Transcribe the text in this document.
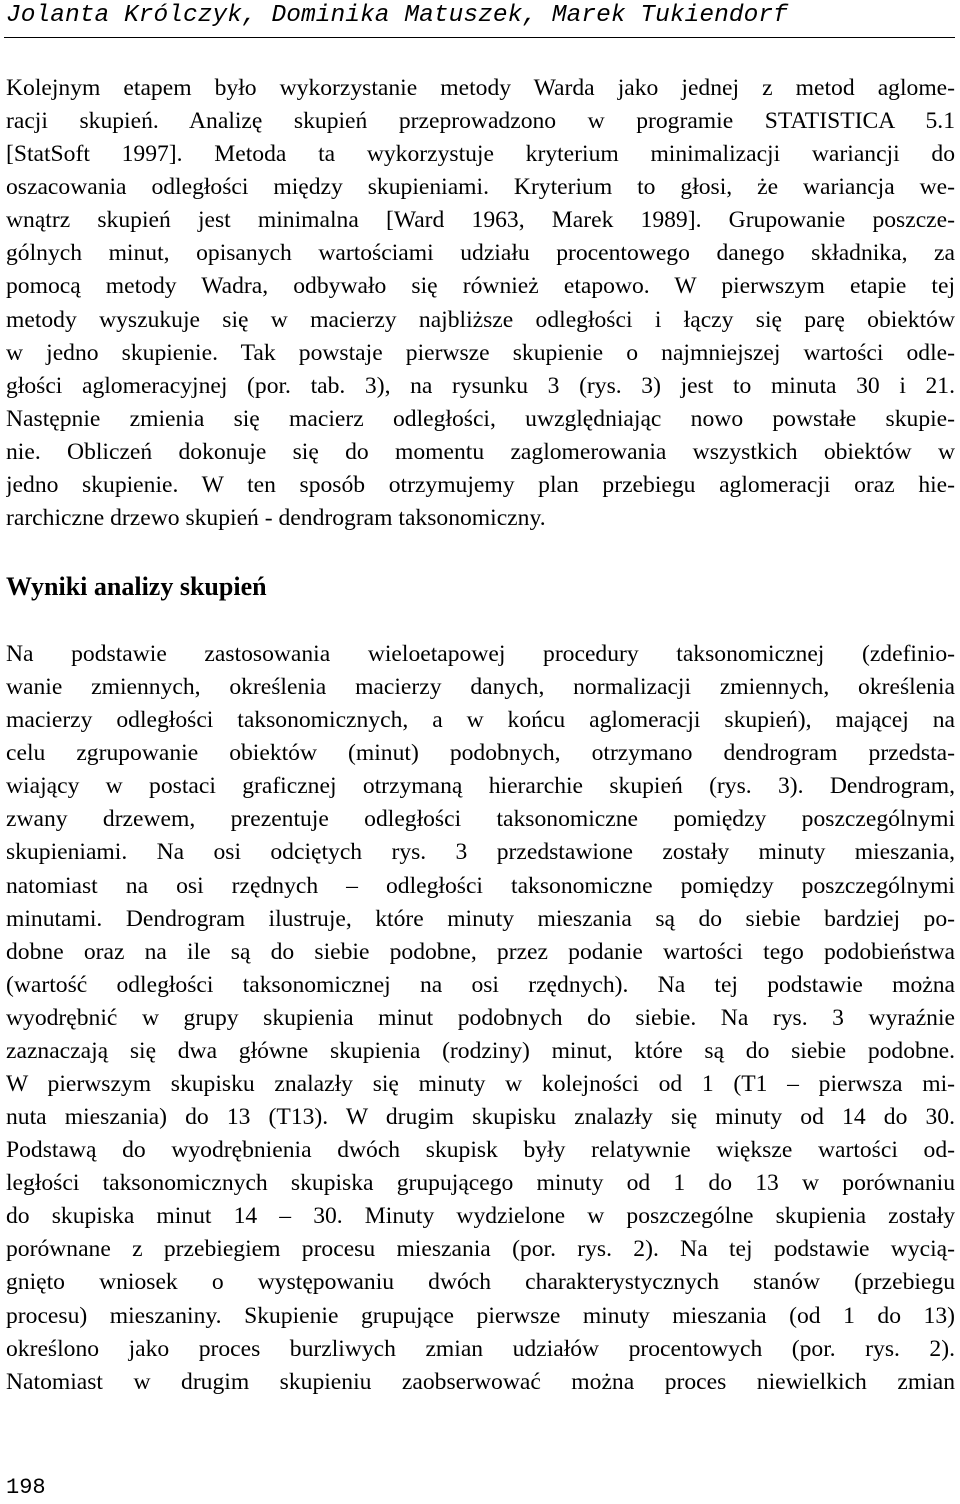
Jolanta Królczyk, Dominika Matuszek, Marek Tukiendorf
Kolejnym etapem było wykorzystanie metody Warda jako jednej z metod aglome-
racji skupień. Analizę skupień przeprowadzono w programie STATISTICA 5.1
[StatSoft 1997]. Metoda ta wykorzystuje kryterium minimalizacji wariancji do
oszacowania odległości między skupieniami. Kryterium to głosi, że wariancja we-
wnątrz skupień jest minimalna [Ward 1963, Marek 1989]. Grupowanie poszcze-
gólnych minut, opisanych wartościami udziału procentowego danego składnika, za
pomocą metody Wadra, odbywało się również etapowo. W pierwszym etapie tej
metody wyszukuje się w macierzy najbliższe odległości i łączy się parę obiektów
w jedno skupienie. Tak powstaje pierwsze skupienie o najmniejszej wartości odle-
głości aglomeracyjnej (por. tab. 3), na rysunku 3 (rys. 3) jest to minuta 30 i 21.
Następnie zmienia się macierz odległości, uwzględniając nowo powstałe skupie-
nie. Obliczeń dokonuje się do momentu zaglomerowania wszystkich obiektów w
jedno skupienie. W ten sposób otrzymujemy plan przebiegu aglomeracji oraz hie-
rarchiczne drzewo skupień - dendrogram taksonomiczny.
Wyniki analizy skupień
Na podstawie zastosowania wieloetapowej procedury taksonomicznej (zdefinio-
wanie zmiennych, określenia macierzy danych, normalizacji zmiennych, określenia
macierzy odległości taksonomicznych, a w końcu aglomeracji skupień), mającej na
celu zgrupowanie obiektów (minut) podobnych, otrzymano dendrogram przedsta-
wiający w postaci graficznej otrzymaną hierarchie skupień (rys. 3). Dendrogram,
zwany drzewem, prezentuje odległości taksonomiczne pomiędzy poszczególnymi
skupieniami. Na osi odciętych rys. 3 przedstawione zostały minuty mieszania,
natomiast na osi rzędnych – odległości taksonomiczne pomiędzy poszczególnymi
minutami. Dendrogram ilustruje, które minuty mieszania są do siebie bardziej po-
dobne oraz na ile są do siebie podobne, przez podanie wartości tego podobieństwa
(wartość odległości taksonomicznej na osi rzędnych). Na tej podstawie można
wyodrębnić w grupy skupienia minut podobnych do siebie. Na rys. 3 wyraźnie
zaznaczają się dwa główne skupienia (rodziny) minut, które są do siebie podobne.
W pierwszym skupisku znalazły się minuty w kolejności od 1 (T1 – pierwsza mi-
nuta mieszania) do 13 (T13). W drugim skupisku znalazły się minuty od 14 do 30.
Podstawą do wyodrębnienia dwóch skupisk były relatywnie większe wartości od-
ległości taksonomicznych skupiska grupującego minuty od 1 do 13 w porównaniu
do skupiska minut 14 – 30. Minuty wydzielone w poszczególne skupienia zostały
porównane z przebiegiem procesu mieszania (por. rys. 2). Na tej podstawie wycią-
gnięto wniosek o występowaniu dwóch charakterystycznych stanów (przebiegu
procesu) mieszaniny. Skupienie grupujące pierwsze minuty mieszania (od 1 do 13)
określono jako proces burzliwych zmian udziałów procentowych (por. rys. 2).
Natomiast w drugim skupieniu zaobserwować można proces niewielkich zmian
198
